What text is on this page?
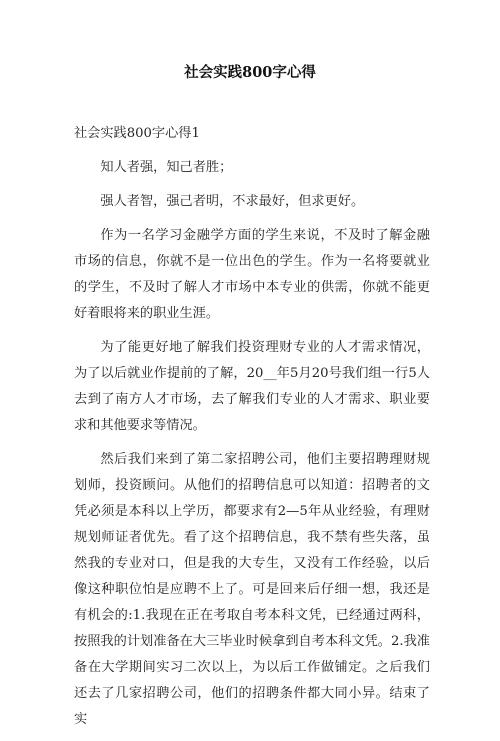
社会实践800字心得

社会实践800字心得1

知人者强，知己者胜；

强人者智，强己者明，不求最好，但求更好。

作为一名学习金融学方面的学生来说，不及时了解金融市场的信息，你就不是一位出色的学生。作为一名将要就业的学生，不及时了解人才市场中本专业的供需，你就不能更好着眼将来的职业生涯。

为了能更好地了解我们投资理财专业的人才需求情况，为了以后就业作提前的了解，20__年5月20号我们组一行5人去到了南方人才市场，去了解我们专业的人才需求、职业要求和其他要求等情况。

然后我们来到了第二家招聘公司，他们主要招聘理财规划师，投资顾问。从他们的招聘信息可以知道：招聘者的文凭必须是本科以上学历，都要求有2—5年从业经验，有理财规划师证者优先。看了这个招聘信息，我不禁有些失落，虽然我的专业对口，但是我的大专生，又没有工作经验，以后像这种职位怕是应聘不上了。可是回来后仔细一想，我还是有机会的:1.我现在正在考取自考本科文凭，已经通过两科，按照我的计划准备在大三毕业时候拿到自考本科文凭。2.我准备在大学期间实习二次以上，为以后工作做铺定。之后我们还去了几家招聘公司，他们的招聘条件都大同小异。结束了实
